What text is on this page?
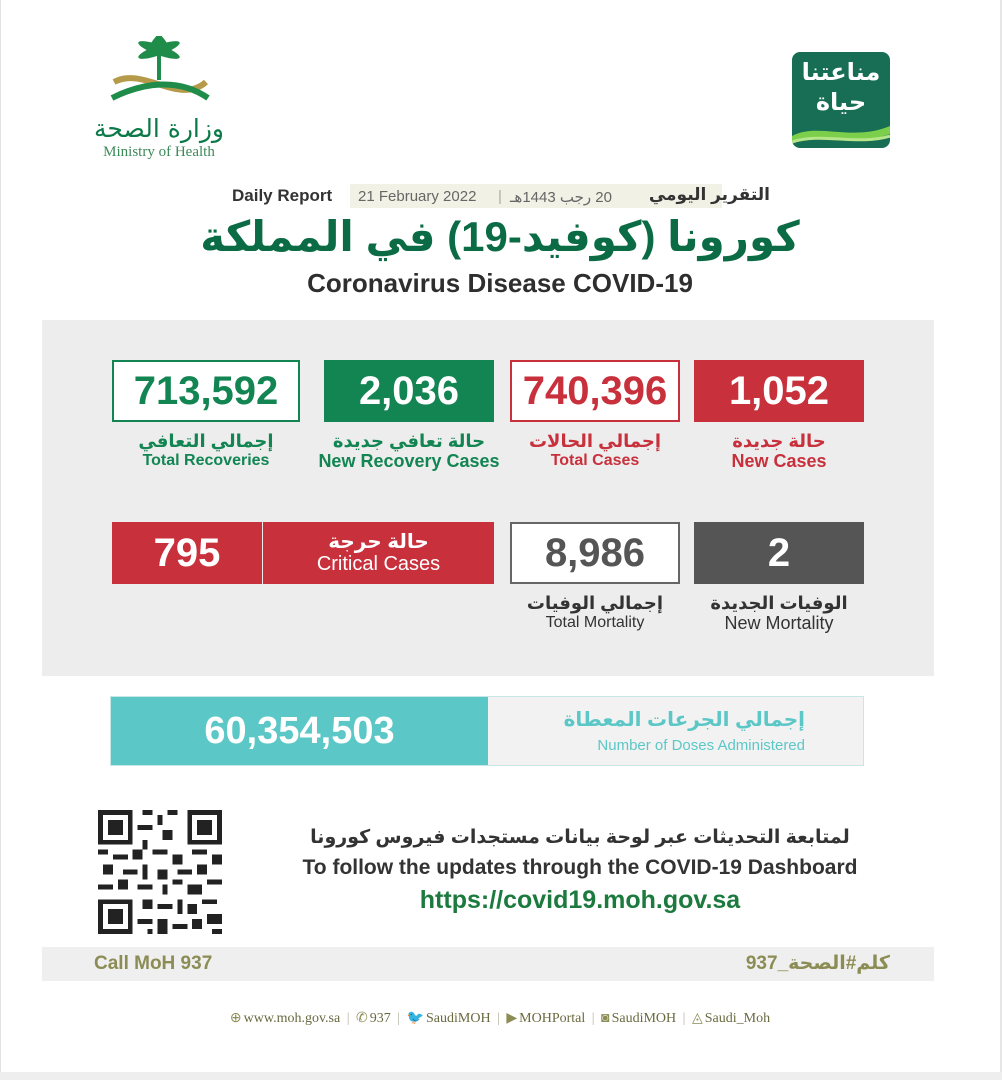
وزارة الصحة
Ministry of Health
مناعتنا
حياة
Daily Report 21 February 2022 | 20 رجب 1443هـ التقرير اليومي
كورونا (كوفيد-19) في المملكة
Coronavirus Disease COVID-19
713,592
إجمالي التعافي
Total Recoveries
2,036
حالة تعافي جديدة
New Recovery Cases
740,396
إجمالي الحالات
Total Cases
1,052
حالة جديدة
New Cases
795	حالة حرجة
Critical Cases	8,986
إجمالي الوفيات
Total Mortality
2
الوفيات الجديدة
New Mortality
60,354,503	إجمالي الجرعات المعطاة
Number of Doses Administered
لمتابعة التحديثات عبر لوحة بيانات مستجدات فيروس كورونا
To follow the updates through the COVID-19 Dashboard
https://covid19.moh.gov.sa
Call MoH 937	كلم#الصحة_937
⊕ www.moh.gov.sa | ✆ 937 | 🐦 SaudiMOH | ▶ MOHPortal | ◙ SaudiMOH | ◬ Saudi_Moh
